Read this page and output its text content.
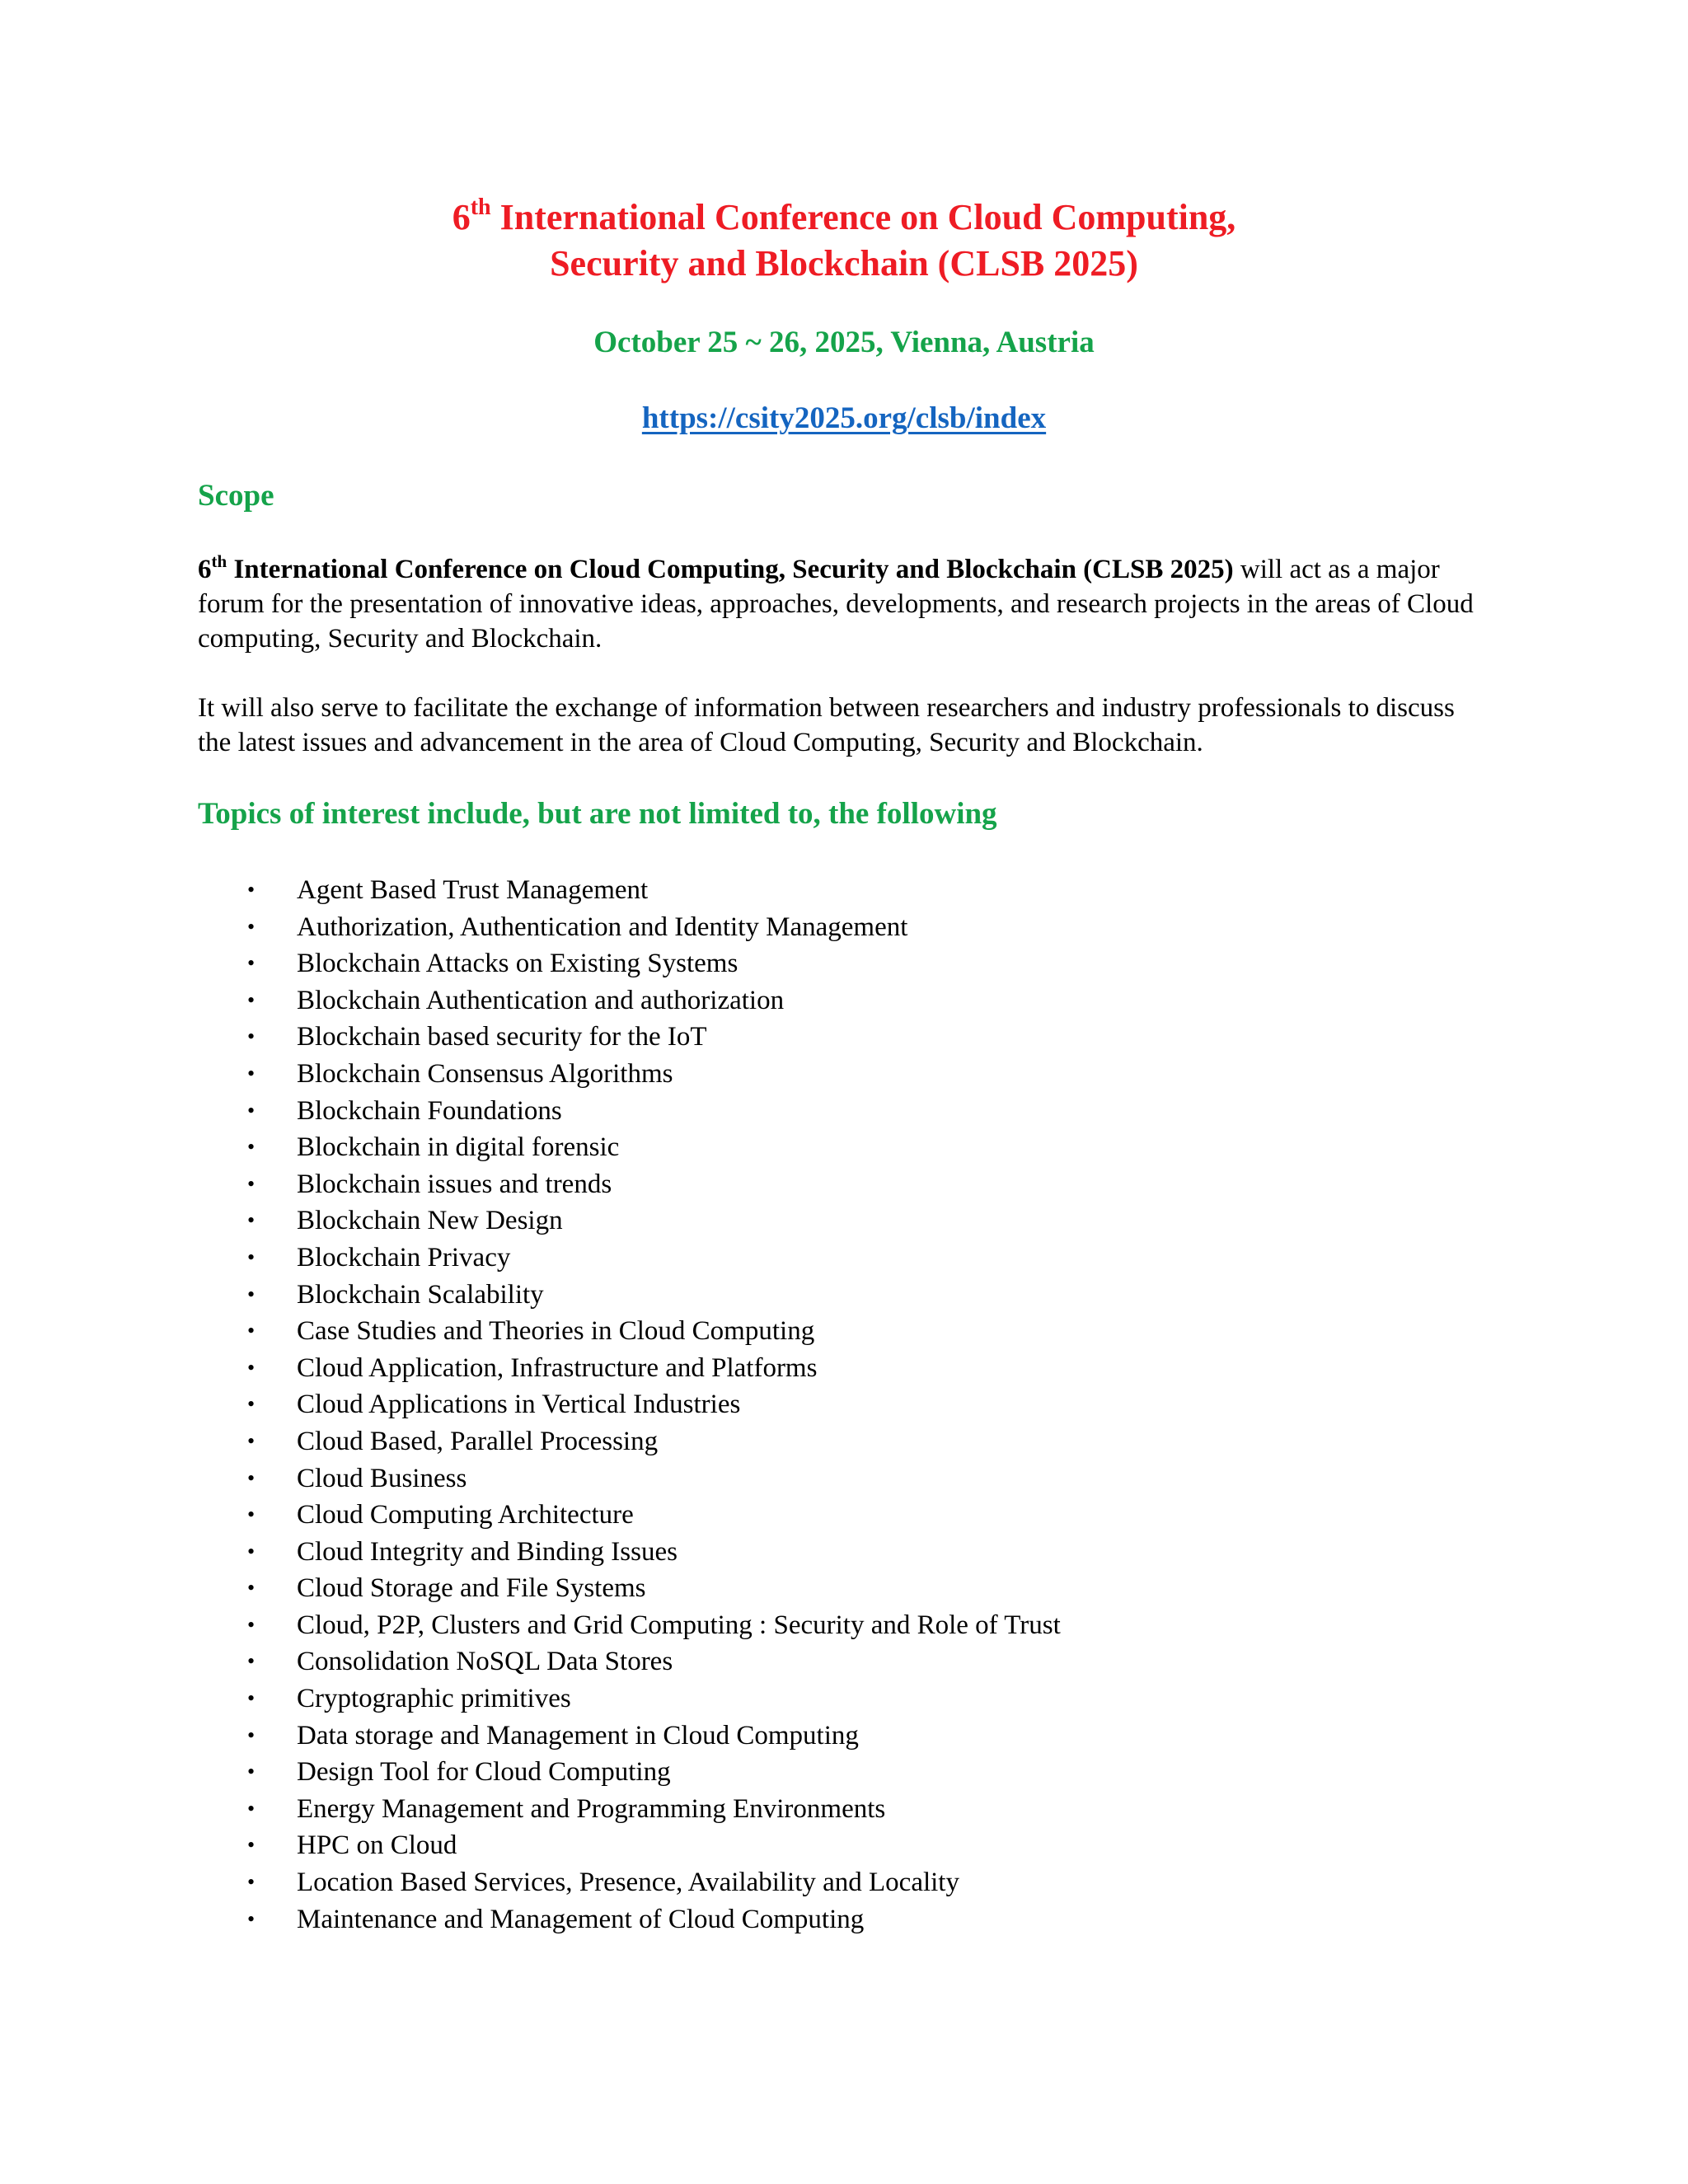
6th International Conference on Cloud Computing,

Security and Blockchain (CLSB 2025)

October 25 ~ 26, 2025, Vienna, Austria
https://csity2025.org/clsb/index
Scope

6th International Conference on Cloud Computing, Security and Blockchain (CLSB 2025) will act as a major forum for the presentation of innovative ideas, approaches, developments, and research projects in the areas of Cloud computing, Security and Blockchain.

It will also serve to facilitate the exchange of information between researchers and industry professionals to discuss the latest issues and advancement in the area of Cloud Computing, Security and Blockchain.

Topics of interest include, but are not limited to, the following
•	Agent Based Trust Management
•	Authorization, Authentication and Identity Management
•	Blockchain Attacks on Existing Systems
•	Blockchain Authentication and authorization
•	Blockchain based security for the IoT
•	Blockchain Consensus Algorithms
•	Blockchain Foundations
•	Blockchain in digital forensic
•	Blockchain issues and trends
•	Blockchain New Design
•	Blockchain Privacy
•	Blockchain Scalability
•	Case Studies and Theories in Cloud Computing
•	Cloud Application, Infrastructure and Platforms
•	Cloud Applications in Vertical Industries
•	Cloud Based, Parallel Processing
•	Cloud Business
•	Cloud Computing Architecture
•	Cloud Integrity and Binding Issues
•	Cloud Storage and File Systems
•	Cloud, P2P, Clusters and Grid Computing : Security and Role of Trust
•	Consolidation NoSQL Data Stores
•	Cryptographic primitives
•	Data storage and Management in Cloud Computing
•	Design Tool for Cloud Computing
•	Energy Management and Programming Environments
•	HPC on Cloud
•	Location Based Services, Presence, Availability and Locality
•	Maintenance and Management of Cloud Computing
